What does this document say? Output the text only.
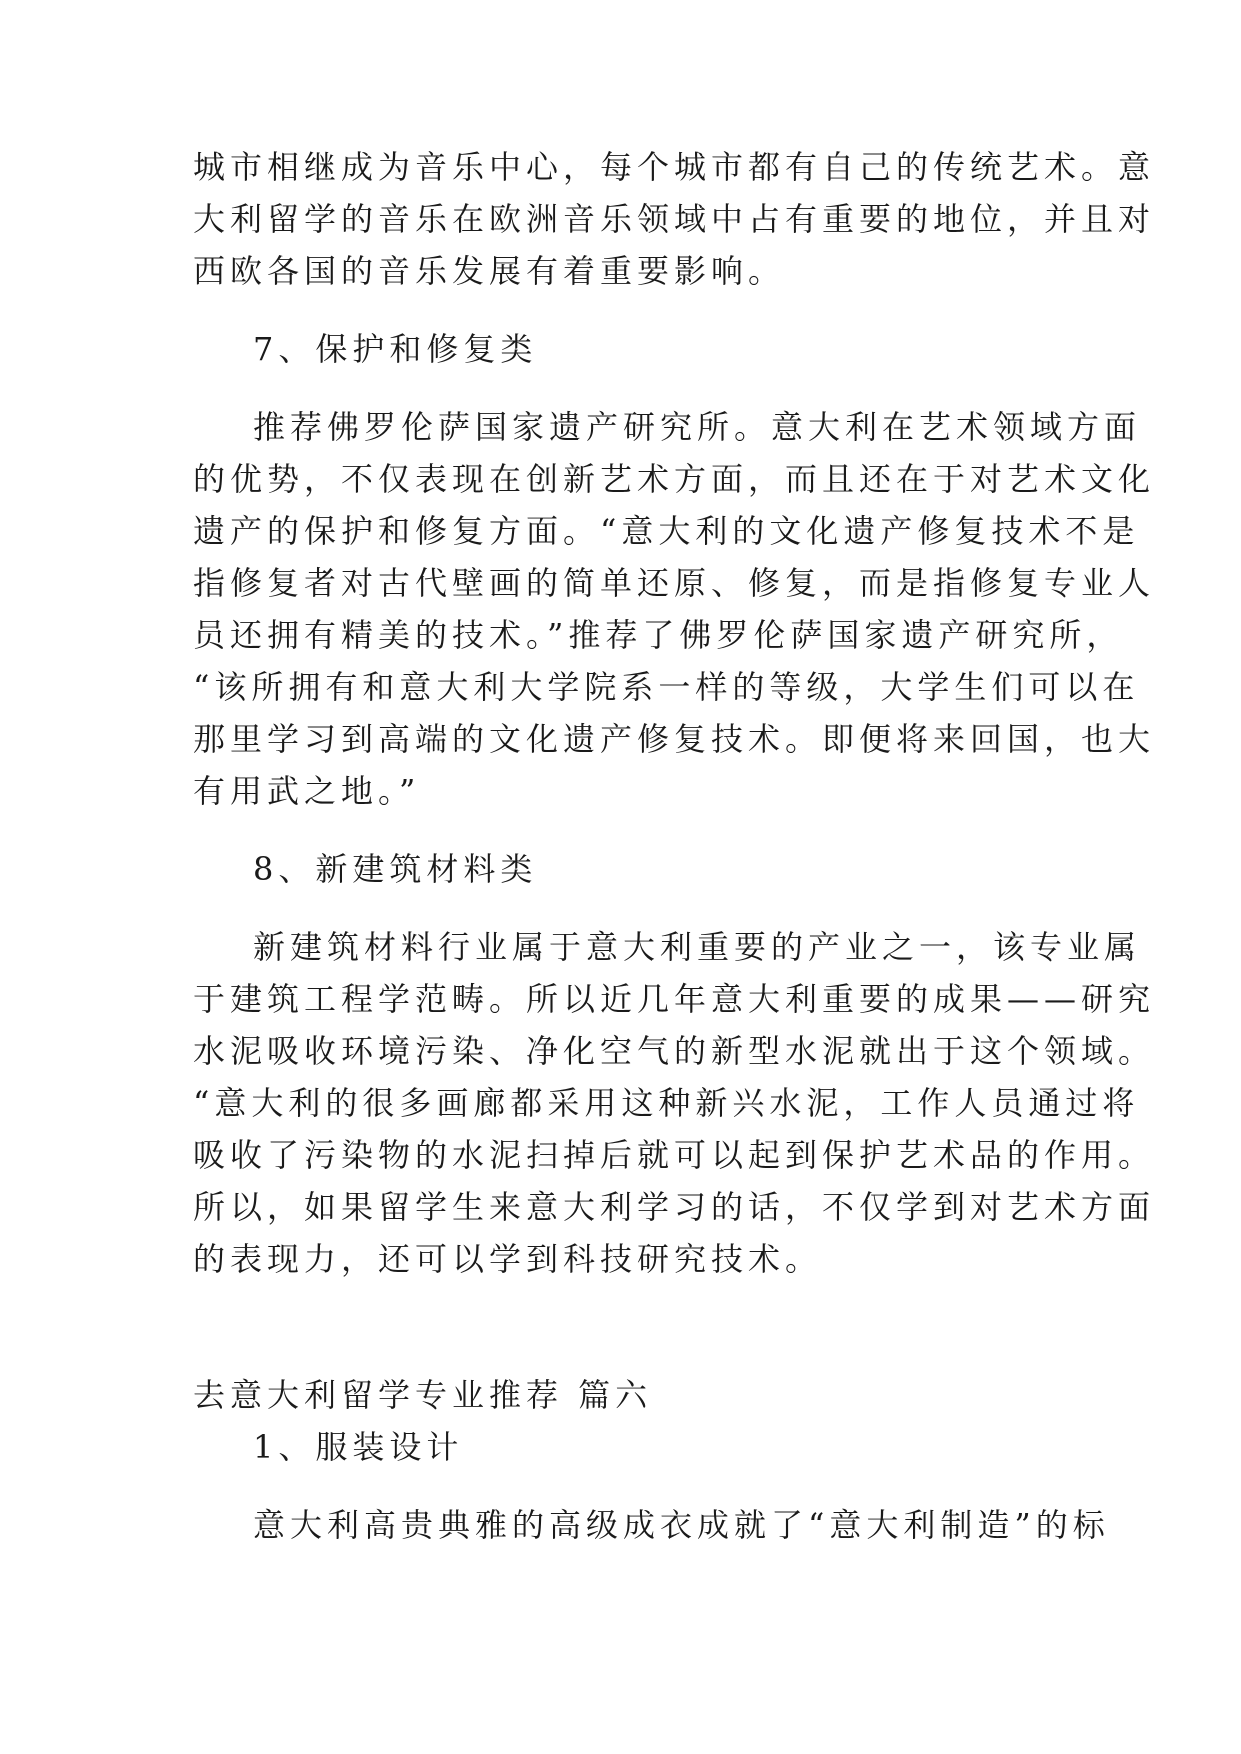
城市相继成为音乐中心，每个城市都有自己的传统艺术。意
大利留学的音乐在欧洲音乐领域中占有重要的地位，并且对
西欧各国的音乐发展有着重要影响。
7、保护和修复类
推荐佛罗伦萨国家遗产研究所。意大利在艺术领域方面
的优势，不仅表现在创新艺术方面，而且还在于对艺术文化
遗产的保护和修复方面。“意大利的文化遗产修复技术不是
指修复者对古代壁画的简单还原、修复，而是指修复专业人
员还拥有精美的技术。”推荐了佛罗伦萨国家遗产研究所，
“该所拥有和意大利大学院系一样的等级，大学生们可以在
那里学习到高端的文化遗产修复技术。即便将来回国，也大
有用武之地。”
8、新建筑材料类
新建筑材料行业属于意大利重要的产业之一，该专业属
于建筑工程学范畴。所以近几年意大利重要的成果——研究
水泥吸收环境污染、净化空气的新型水泥就出于这个领域。
“意大利的很多画廊都采用这种新兴水泥，工作人员通过将
吸收了污染物的水泥扫掉后就可以起到保护艺术品的作用。
所以，如果留学生来意大利学习的话，不仅学到对艺术方面
的表现力，还可以学到科技研究技术。
去意大利留学专业推荐 篇六
1、服装设计
意大利高贵典雅的高级成衣成就了“意大利制造”的标
